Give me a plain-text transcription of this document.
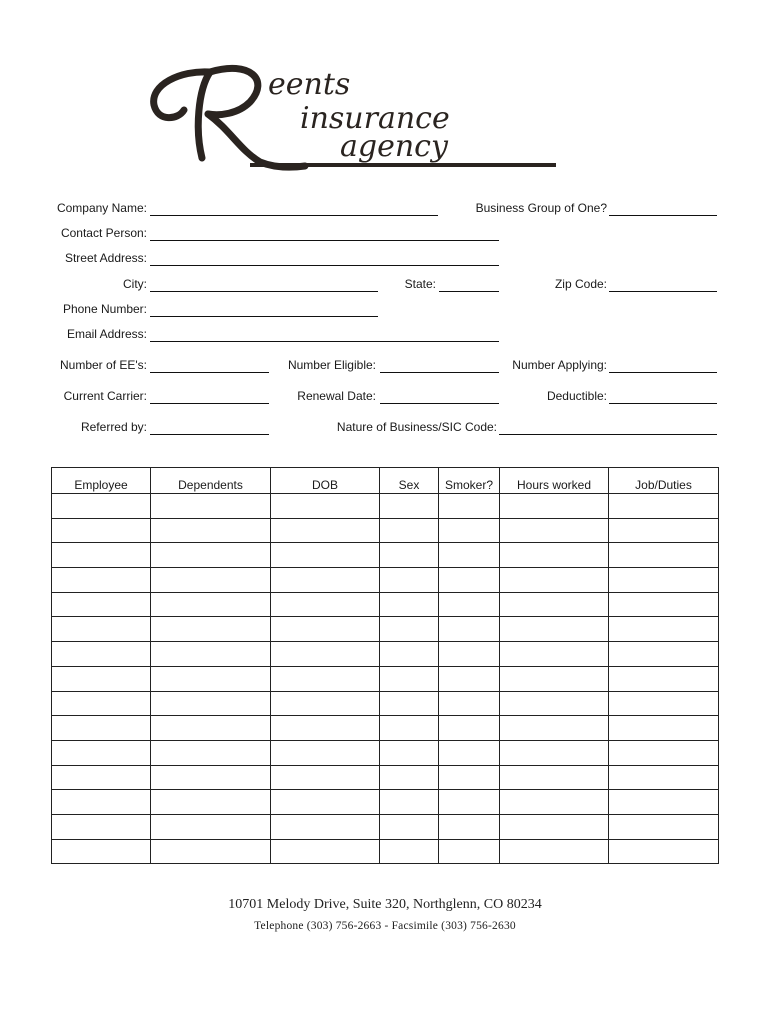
eents
insurance
agency
Company Name:	Business Group of One?
Contact Person:
Street Address:
City:	State:	Zip Code:
Phone Number:
Email Address:
Number of EE's:	Number Eligible:	Number Applying:
Current Carrier:	Renewal Date:	Deductible:
Referred by:	Nature of Business/SIC Code:
Employee	Dependents	DOB	Sex	Smoker?	Hours worked	Job/Duties

10701 Melody Drive, Suite 320, Northglenn, CO 80234
Telephone (303) 756-2663 - Facsimile (303) 756-2630
